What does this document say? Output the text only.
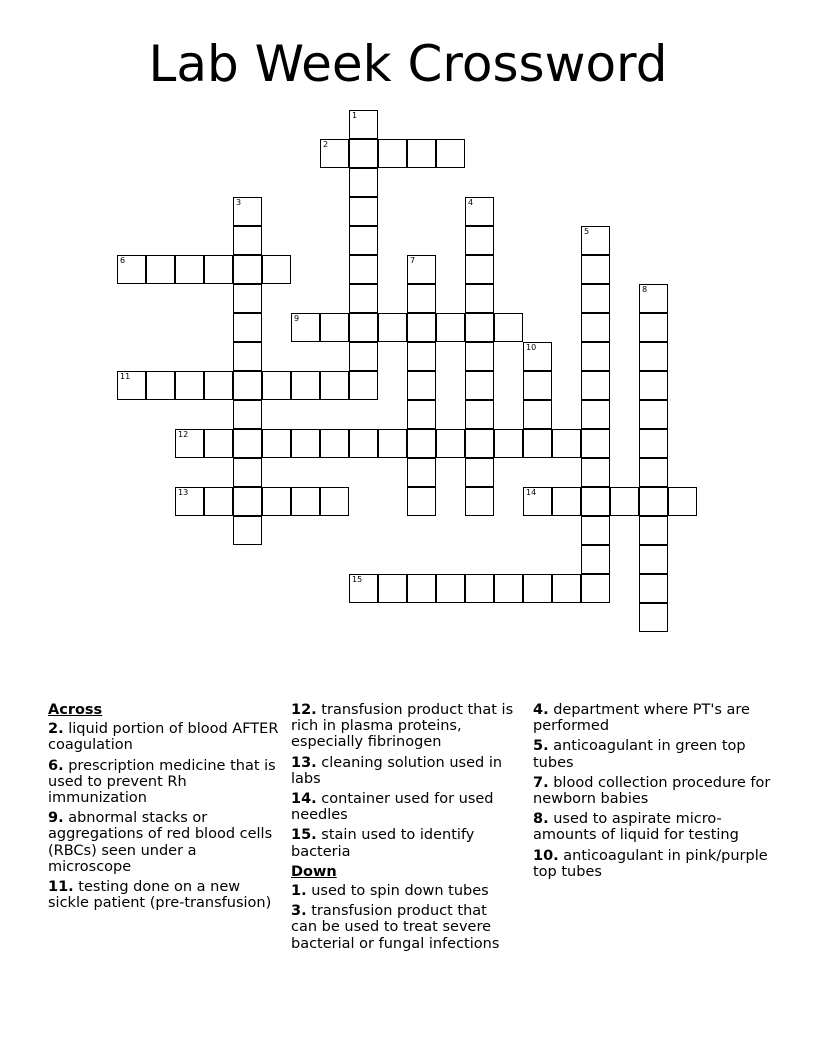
Lab Week Crossword
1
2
3	4
5
6	7
8
9
10
11
12
13	14
15
Across
2. liquid portion of blood AFTER coagulation
6. prescription medicine that is used to prevent Rh immunization
9. abnormal stacks or aggregations of red blood cells (RBCs) seen under a microscope
11. testing done on a new sickle patient (pre-transfusion)
12. transfusion product that is rich in plasma proteins, especially fibrinogen
13. cleaning solution used in labs
14. container used for used needles
15. stain used to identify bacteria
Down
1. used to spin down tubes
3. transfusion product that can be used to treat severe bacterial or fungal infections
4. department where PT's are performed
5. anticoagulant in green top tubes
7. blood collection procedure for newborn babies
8. used to aspirate micro-amounts of liquid for testing
10. anticoagulant in pink/purple top tubes
